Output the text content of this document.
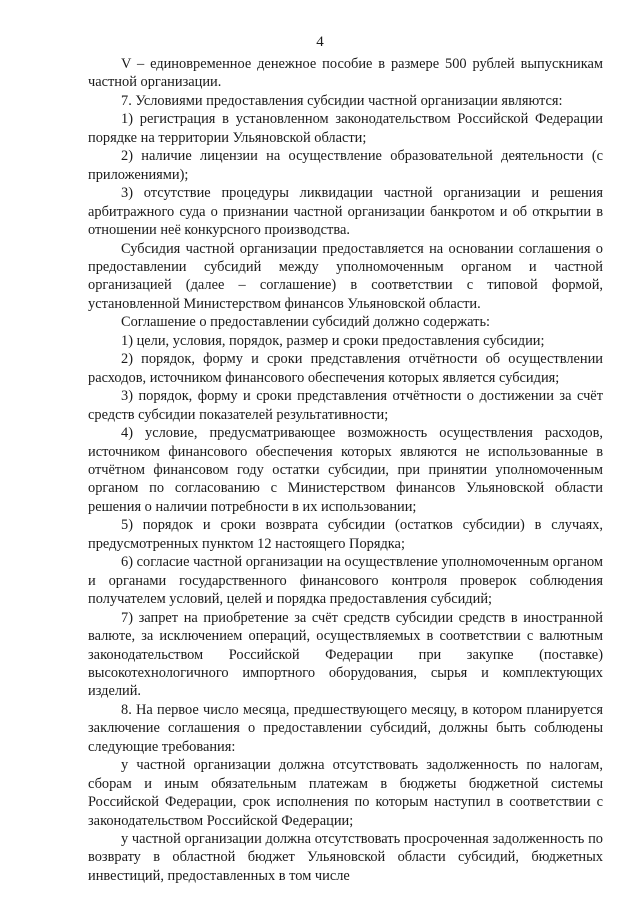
4

V – единовременное денежное пособие в размере 500 рублей выпускникам частной организации.

7. Условиями предоставления субсидии частной организации являются:

1) регистрация в установленном законодательством Российской Федерации порядке на территории Ульяновской области;

2) наличие лицензии на осуществление образовательной деятельности (с приложениями);

3) отсутствие процедуры ликвидации частной организации и решения арбитражного суда о признании частной организации банкротом и об открытии в отношении неё конкурсного производства.

Субсидия частной организации предоставляется на основании соглашения о предоставлении субсидий между уполномоченным органом и частной организацией (далее – соглашение) в соответствии с типовой формой, установленной Министерством финансов Ульяновской области.

Соглашение о предоставлении субсидий должно содержать:

1) цели, условия, порядок, размер и сроки предоставления субсидии;

2) порядок, форму и сроки представления отчётности об осуществлении расходов, источником финансового обеспечения которых является субсидия;

3) порядок, форму и сроки представления отчётности о достижении за счёт средств субсидии показателей результативности;

4) условие, предусматривающее возможность осуществления расходов, источником финансового обеспечения которых являются не использованные в отчётном финансовом году остатки субсидии, при принятии уполномоченным органом по согласованию с Министерством финансов Ульяновской области решения о наличии потребности в их использовании;

5) порядок и сроки возврата субсидии (остатков субсидии) в случаях, предусмотренных пунктом 12 настоящего Порядка;

6) согласие частной организации на осуществление уполномоченным органом и органами государственного финансового контроля проверок соблюдения получателем условий, целей и порядка предоставления субсидий;

7) запрет на приобретение за счёт средств субсидии средств в иностранной валюте, за исключением операций, осуществляемых в соответствии с валютным законодательством Российской Федерации при закупке (поставке) высокотехнологичного импортного оборудования, сырья и комплектующих изделий.

8. На первое число месяца, предшествующего месяцу, в котором планируется заключение соглашения о предоставлении субсидий, должны быть соблюдены следующие требования:

у частной организации должна отсутствовать задолженность по налогам, сборам и иным обязательным платежам в бюджеты бюджетной системы Российской Федерации, срок исполнения по которым наступил в соответствии с законодательством Российской Федерации;

у частной организации должна отсутствовать просроченная задолженность по возврату в областной бюджет Ульяновской области субсидий, бюджетных инвестиций, предоставленных в том числе
